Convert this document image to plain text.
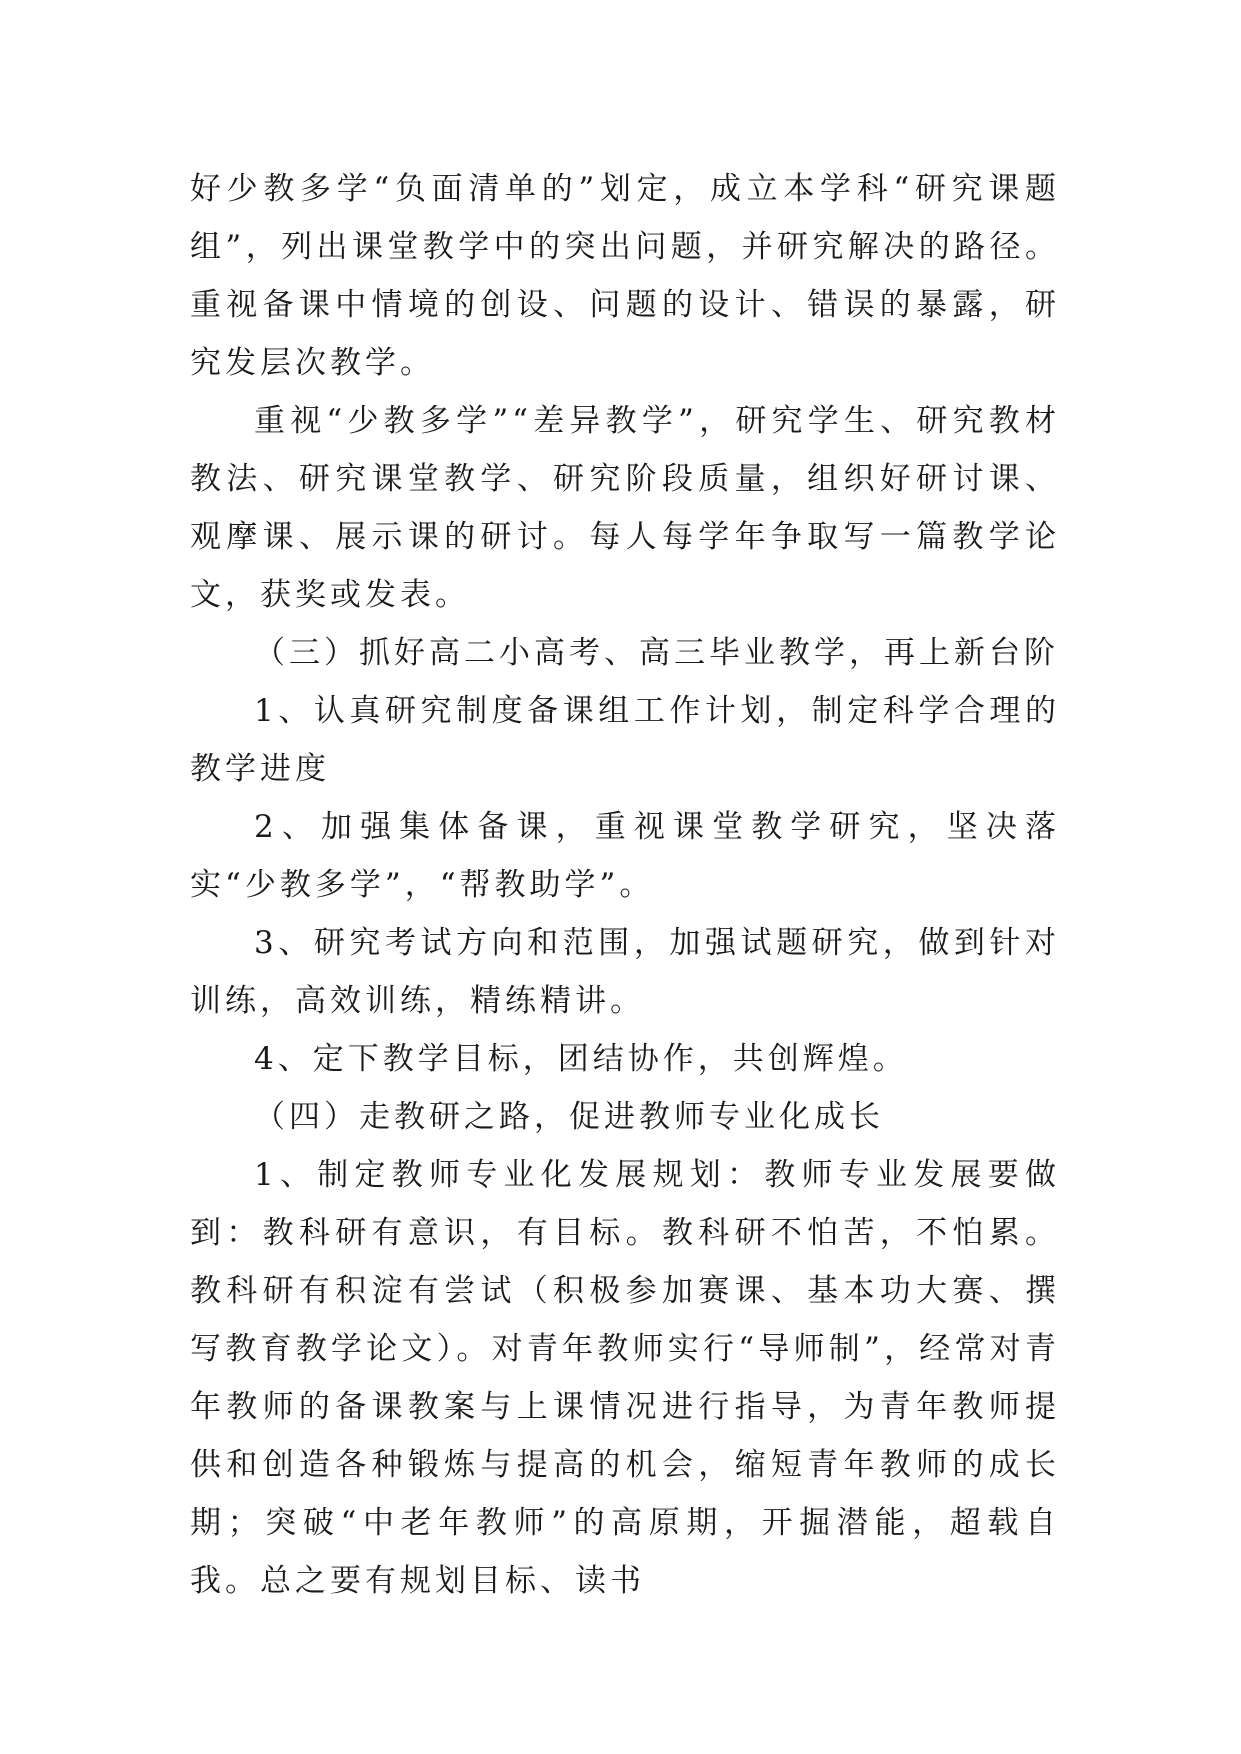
好少教多学“负面清单的”划定，成立本学科“研究课题组”，列出课堂教学中的突出问题，并研究解决的路径。重视备课中情境的创设、问题的设计、错误的暴露，研究发层次教学。

重视“少教多学”“差异教学”，研究学生、研究教材教法、研究课堂教学、研究阶段质量，组织好研讨课、观摩课、展示课的研讨。每人每学年争取写一篇教学论文，获奖或发表。

（三）抓好高二小高考、高三毕业教学，再上新台阶

1、认真研究制度备课组工作计划，制定科学合理的教学进度

2、加强集体备课，重视课堂教学研究，坚决落实“少教多学”，“帮教助学”。

3、研究考试方向和范围，加强试题研究，做到针对训练，高效训练，精练精讲。

4、定下教学目标，团结协作，共创辉煌。

（四）走教研之路，促进教师专业化成长

1、制定教师专业化发展规划：教师专业发展要做到：教科研有意识，有目标。教科研不怕苦，不怕累。教科研有积淀有尝试（积极参加赛课、基本功大赛、撰写教育教学论文）。对青年教师实行“导师制”，经常对青年教师的备课教案与上课情况进行指导，为青年教师提供和创造各种锻炼与提高的机会，缩短青年教师的成长期；突破“中老年教师”的高原期，开掘潜能，超载自我。总之要有规划目标、读书
